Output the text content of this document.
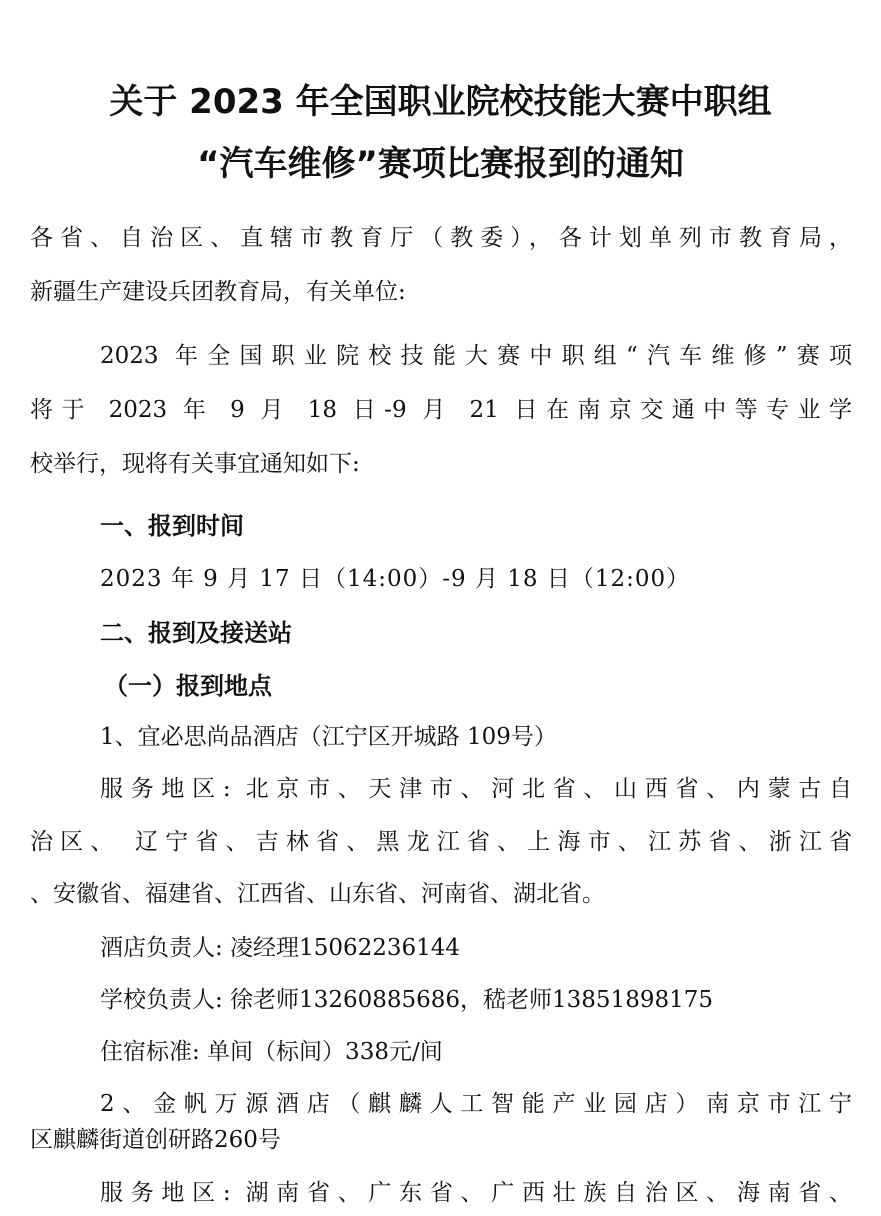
关于 2023 年全国职业院校技能大赛中职组
“汽车维修”赛项比赛报到的通知
各省、自治区、直辖市教育厅（教委），各计划单列市教育局，
新疆生产建设兵团教育局，有关单位:
2023 年全国职业院校技能大赛中职组“汽车维修”赛项
将于 2023 年 9 月 18 日-9 月 21 日在南京交通中等专业学
校举行，现将有关事宜通知如下:
一、报到时间
2023 年 9 月 17 日（14:00）-9 月 18 日（12:00）
二、报到及接送站
（一）报到地点
1、宜必思尚品酒店（江宁区开城路 109号）
服务地区: 北京市、天津市、河北省、山西省、内蒙古自
治区、 辽宁省、吉林省、黑龙江省、上海市、江苏省、浙江省
、安徽省、福建省、江西省、山东省、河南省、湖北省。
酒店负责人: 凌经理15062236144
学校负责人: 徐老师13260885686，嵇老师13851898175
住宿标准: 单间（标间）338元/间
2、金帆万源酒店（麒麟人工智能产业园店）南京市江宁
区麒麟街道创研路260号
服务地区: 湖南省、广东省、广西壮族自治区、海南省、
